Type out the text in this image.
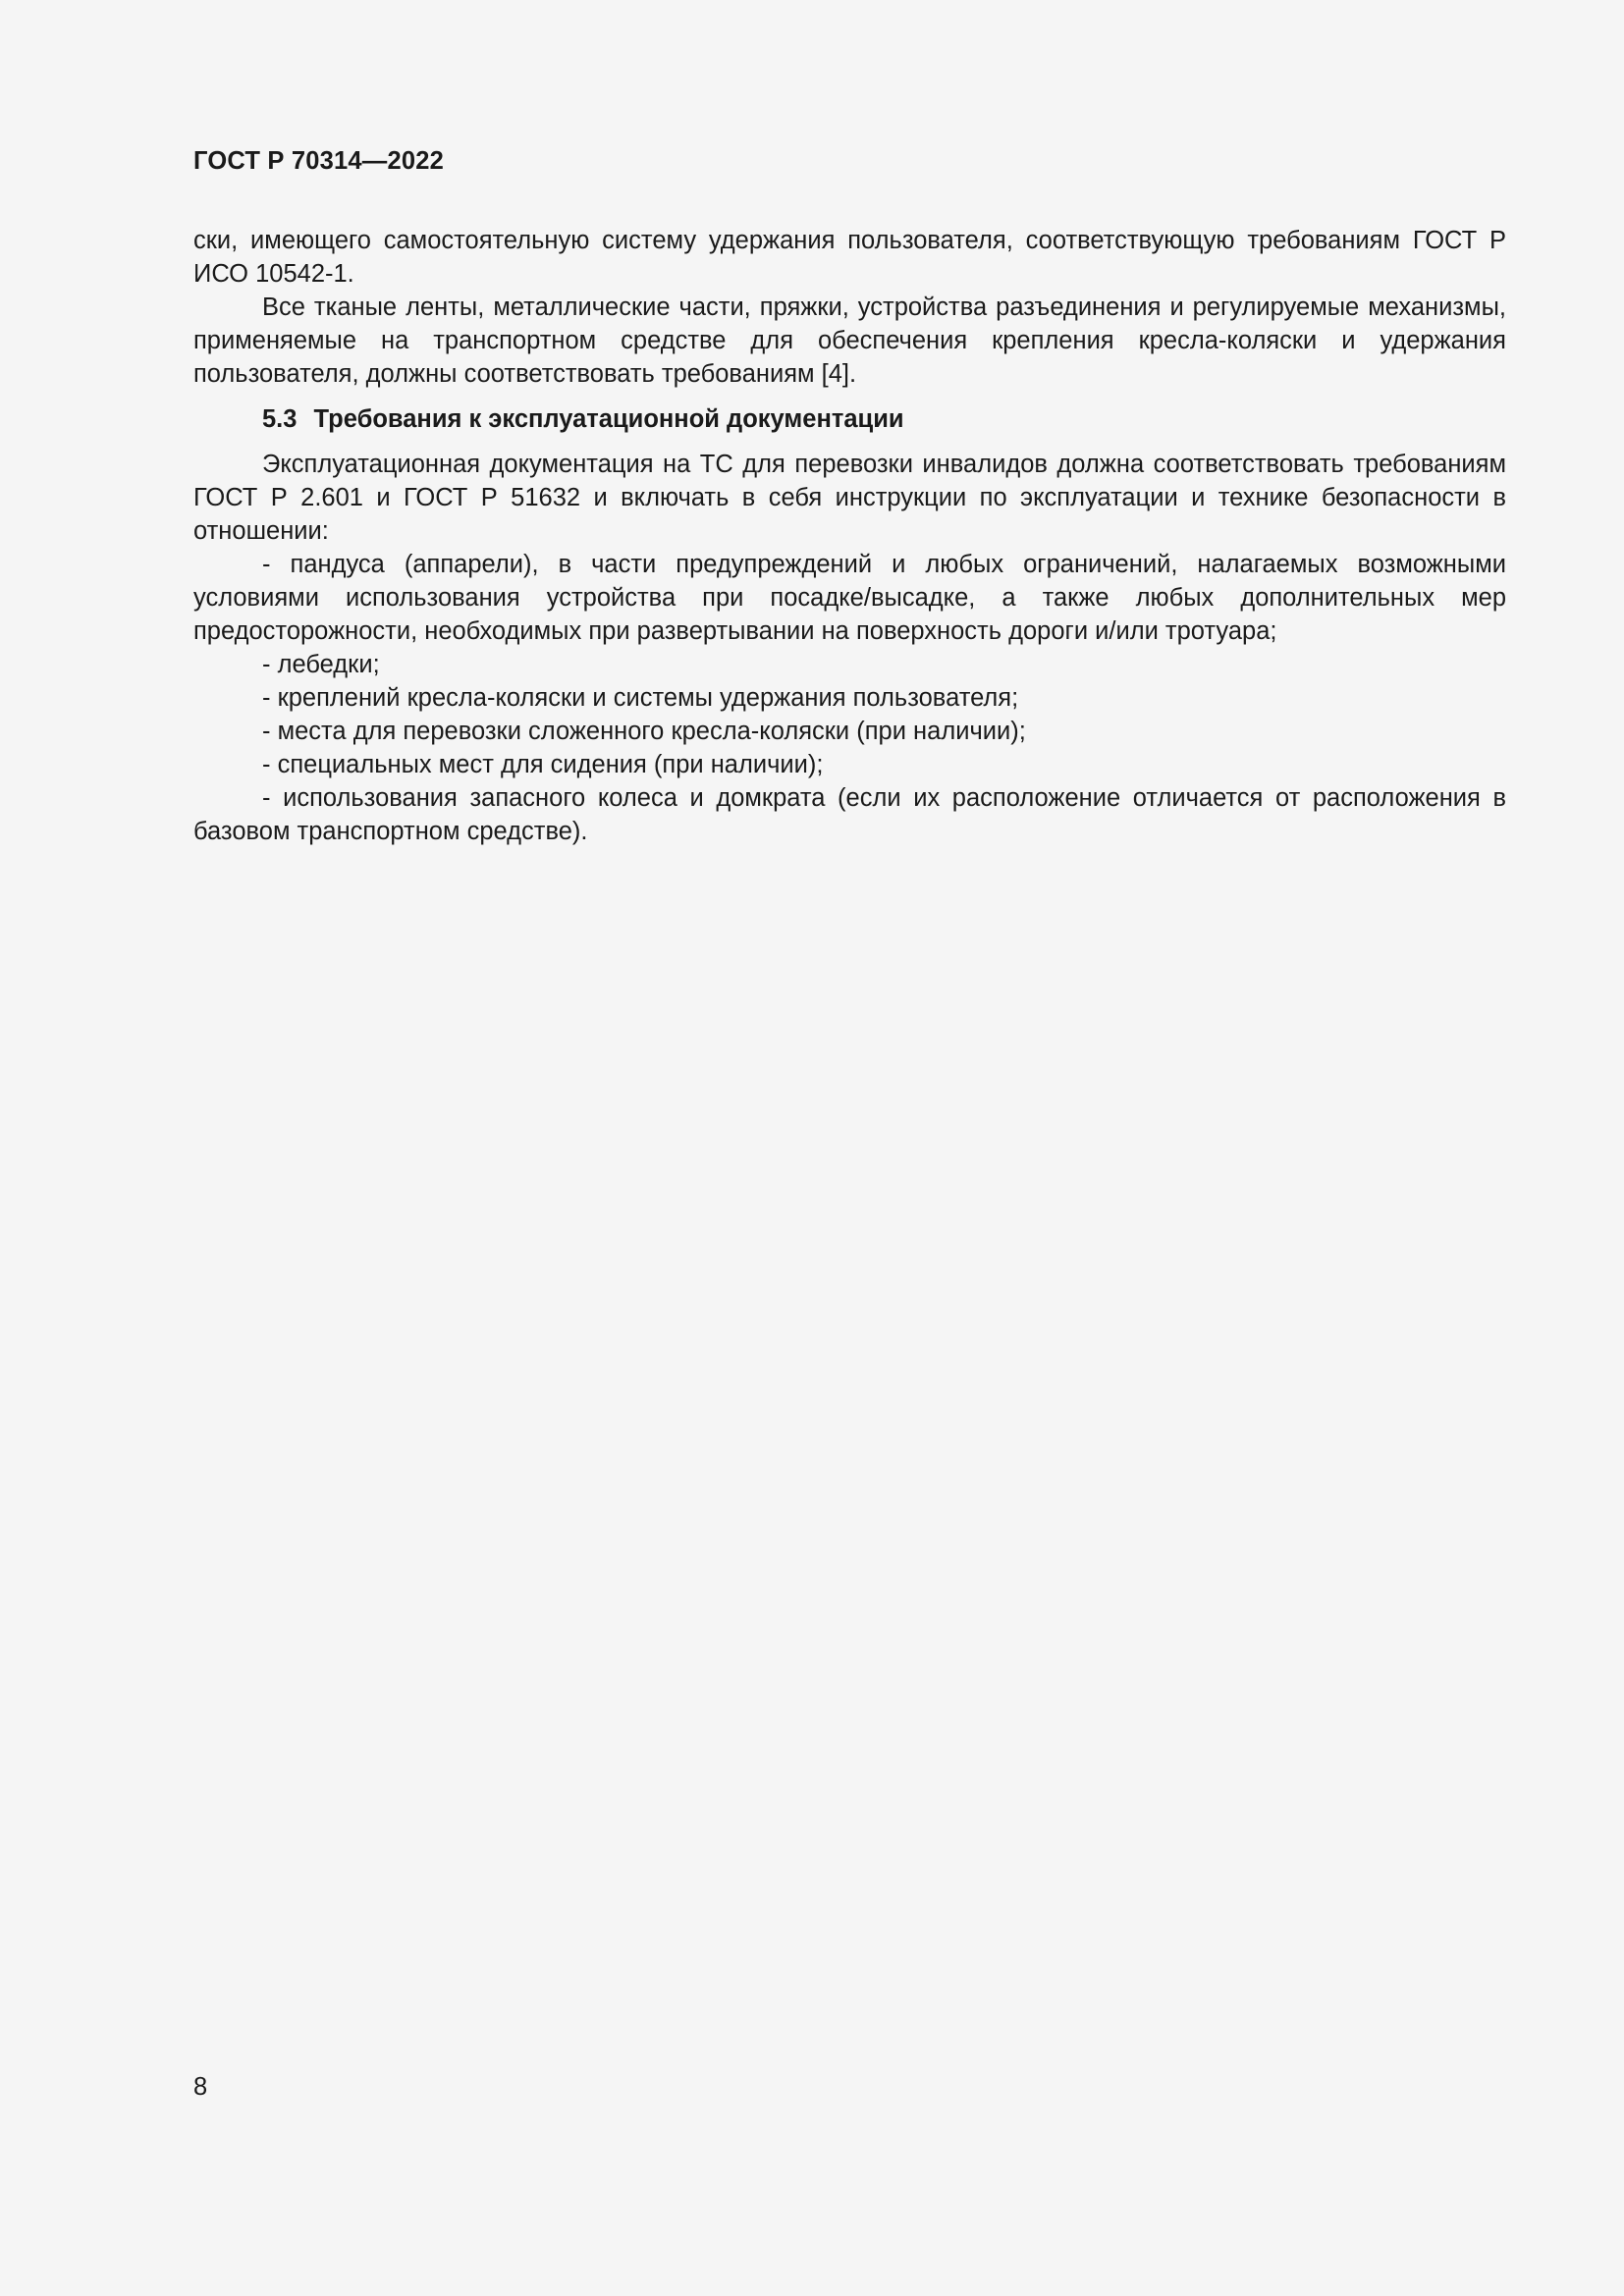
ГОСТ Р 70314—2022

ски, имеющего самостоятельную систему удержания пользователя, соответствующую требованиям ГОСТ Р ИСО 10542-1.

Все тканые ленты, металлические части, пряжки, устройства разъединения и регулируемые механизмы, применяемые на транспортном средстве для обеспечения крепления кресла-коляски и удержания пользователя, должны соответствовать требованиям [4].

5.3 Требования к эксплуатационной документации

Эксплуатационная документация на ТС для перевозки инвалидов должна соответствовать требованиям ГОСТ Р 2.601 и ГОСТ Р 51632 и включать в себя инструкции по эксплуатации и технике безопасности в отношении:

- пандуса (аппарели), в части предупреждений и любых ограничений, налагаемых возможными условиями использования устройства при посадке/высадке, а также любых дополнительных мер предосторожности, необходимых при развертывании на поверхность дороги и/или тротуара;

- лебедки;

- креплений кресла-коляски и системы удержания пользователя;

- места для перевозки сложенного кресла-коляски (при наличии);

- специальных мест для сидения (при наличии);

- использования запасного колеса и домкрата (если их расположение отличается от расположения в базовом транспортном средстве).

8
